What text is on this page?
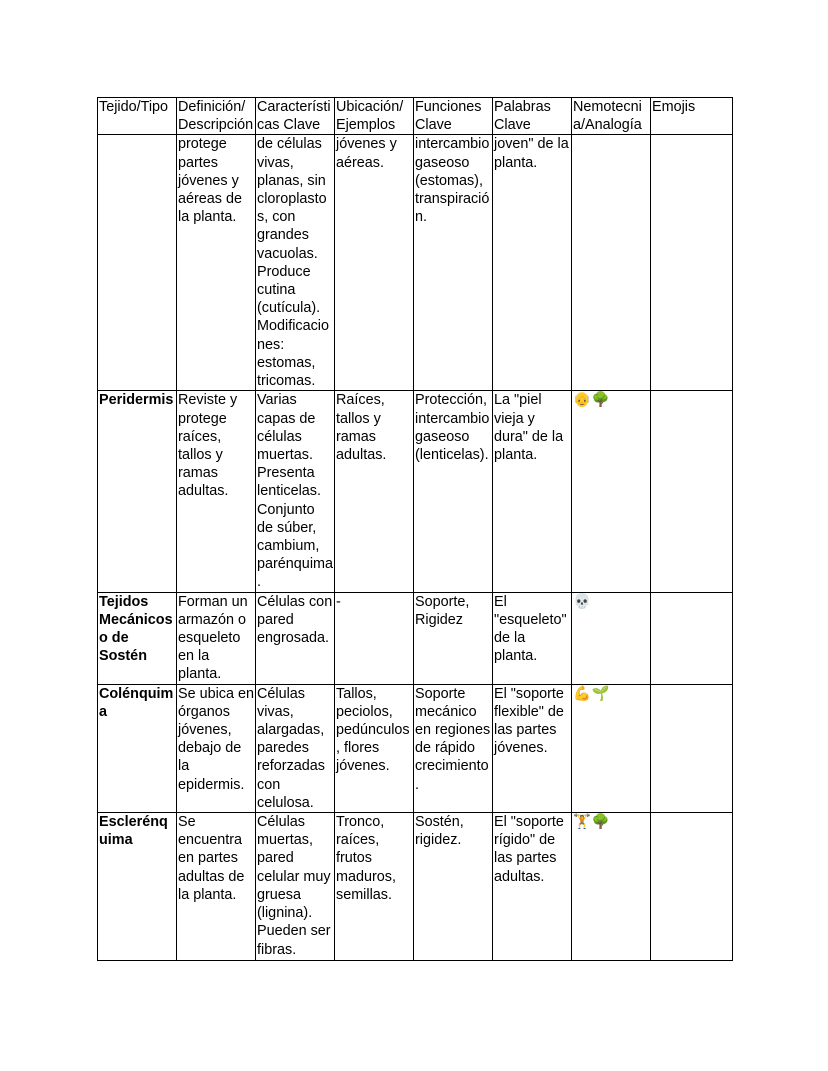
Tejido/Tipo	Definición/ Descripción	Característi cas Clave	Ubicación/ Ejemplos	Funciones Clave	Palabras Clave	Nemotecni a/Analogía	Emojis
	protege partes jóvenes y aéreas de la planta.	de células vivas, planas, sin cloroplastos, con grandes vacuolas. Produce cutina (cutícula). Modificaciones: estomas, tricomas.	jóvenes y aéreas.	intercambio gaseoso (estomas), transpiración.	joven" de la planta.		
Peridermis	Reviste y protege raíces, tallos y ramas adultas.	Varias capas de células muertas. Presenta lenticelas. Conjunto de súber, cambium, parénquima.	Raíces, tallos y ramas adultas.	Protección, intercambio gaseoso (lenticelas).	La "piel vieja y dura" de la planta.	👴🌳	
Tejidos Mecánicos o de Sostén	Forman un armazón o esqueleto en la planta.	Células con pared engrosada.	-	Soporte, Rigidez	El "esqueleto" de la planta.	💀	
Colénquima	Se ubica en órganos jóvenes, debajo de la epidermis.	Células vivas, alargadas, paredes reforzadas con celulosa.	Tallos, peciolos, pedúnculos, flores jóvenes.	Soporte mecánico en regiones de rápido crecimiento.	El "soporte flexible" de las partes jóvenes.	💪🌱	
Esclerénquima	Se encuentra en partes adultas de la planta.	Células muertas, pared celular muy gruesa (lignina). Pueden ser fibras.	Tronco, raíces, frutos maduros, semillas.	Sostén, rigidez.	El "soporte rígido" de las partes adultas.	🏋🌳	
